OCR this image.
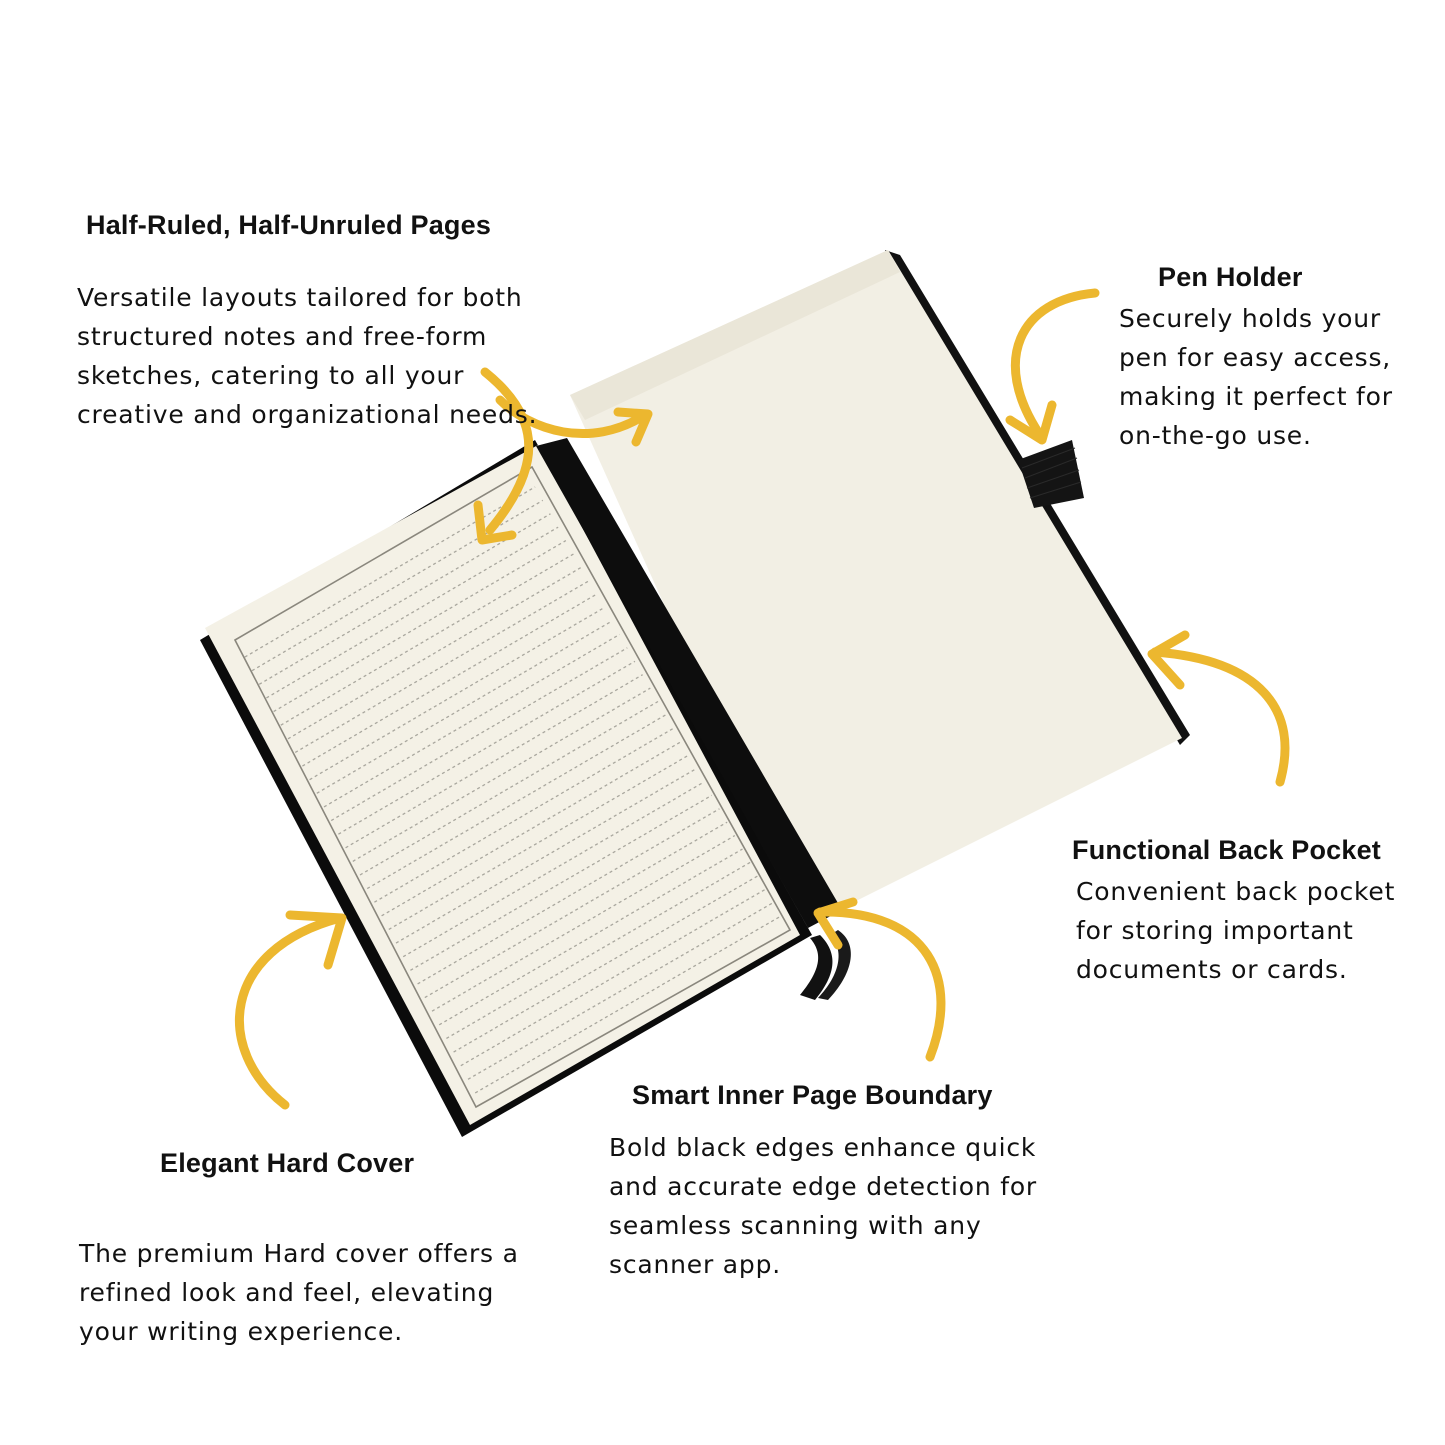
Half-Ruled, Half-Unruled Pages

Versatile layouts tailored for both structured notes and free-form sketches, catering to all your creative and organizational needs.

Pen Holder

Securely holds your pen for easy access, making it perfect for on-the-go use.

Functional Back Pocket

Convenient back pocket for storing important documents or cards.

Smart Inner Page Boundary

Bold black edges enhance quick and accurate edge detection for seamless scanning with any scanner app.

Elegant Hard Cover

The premium Hard cover offers a refined look and feel, elevating your writing experience.
